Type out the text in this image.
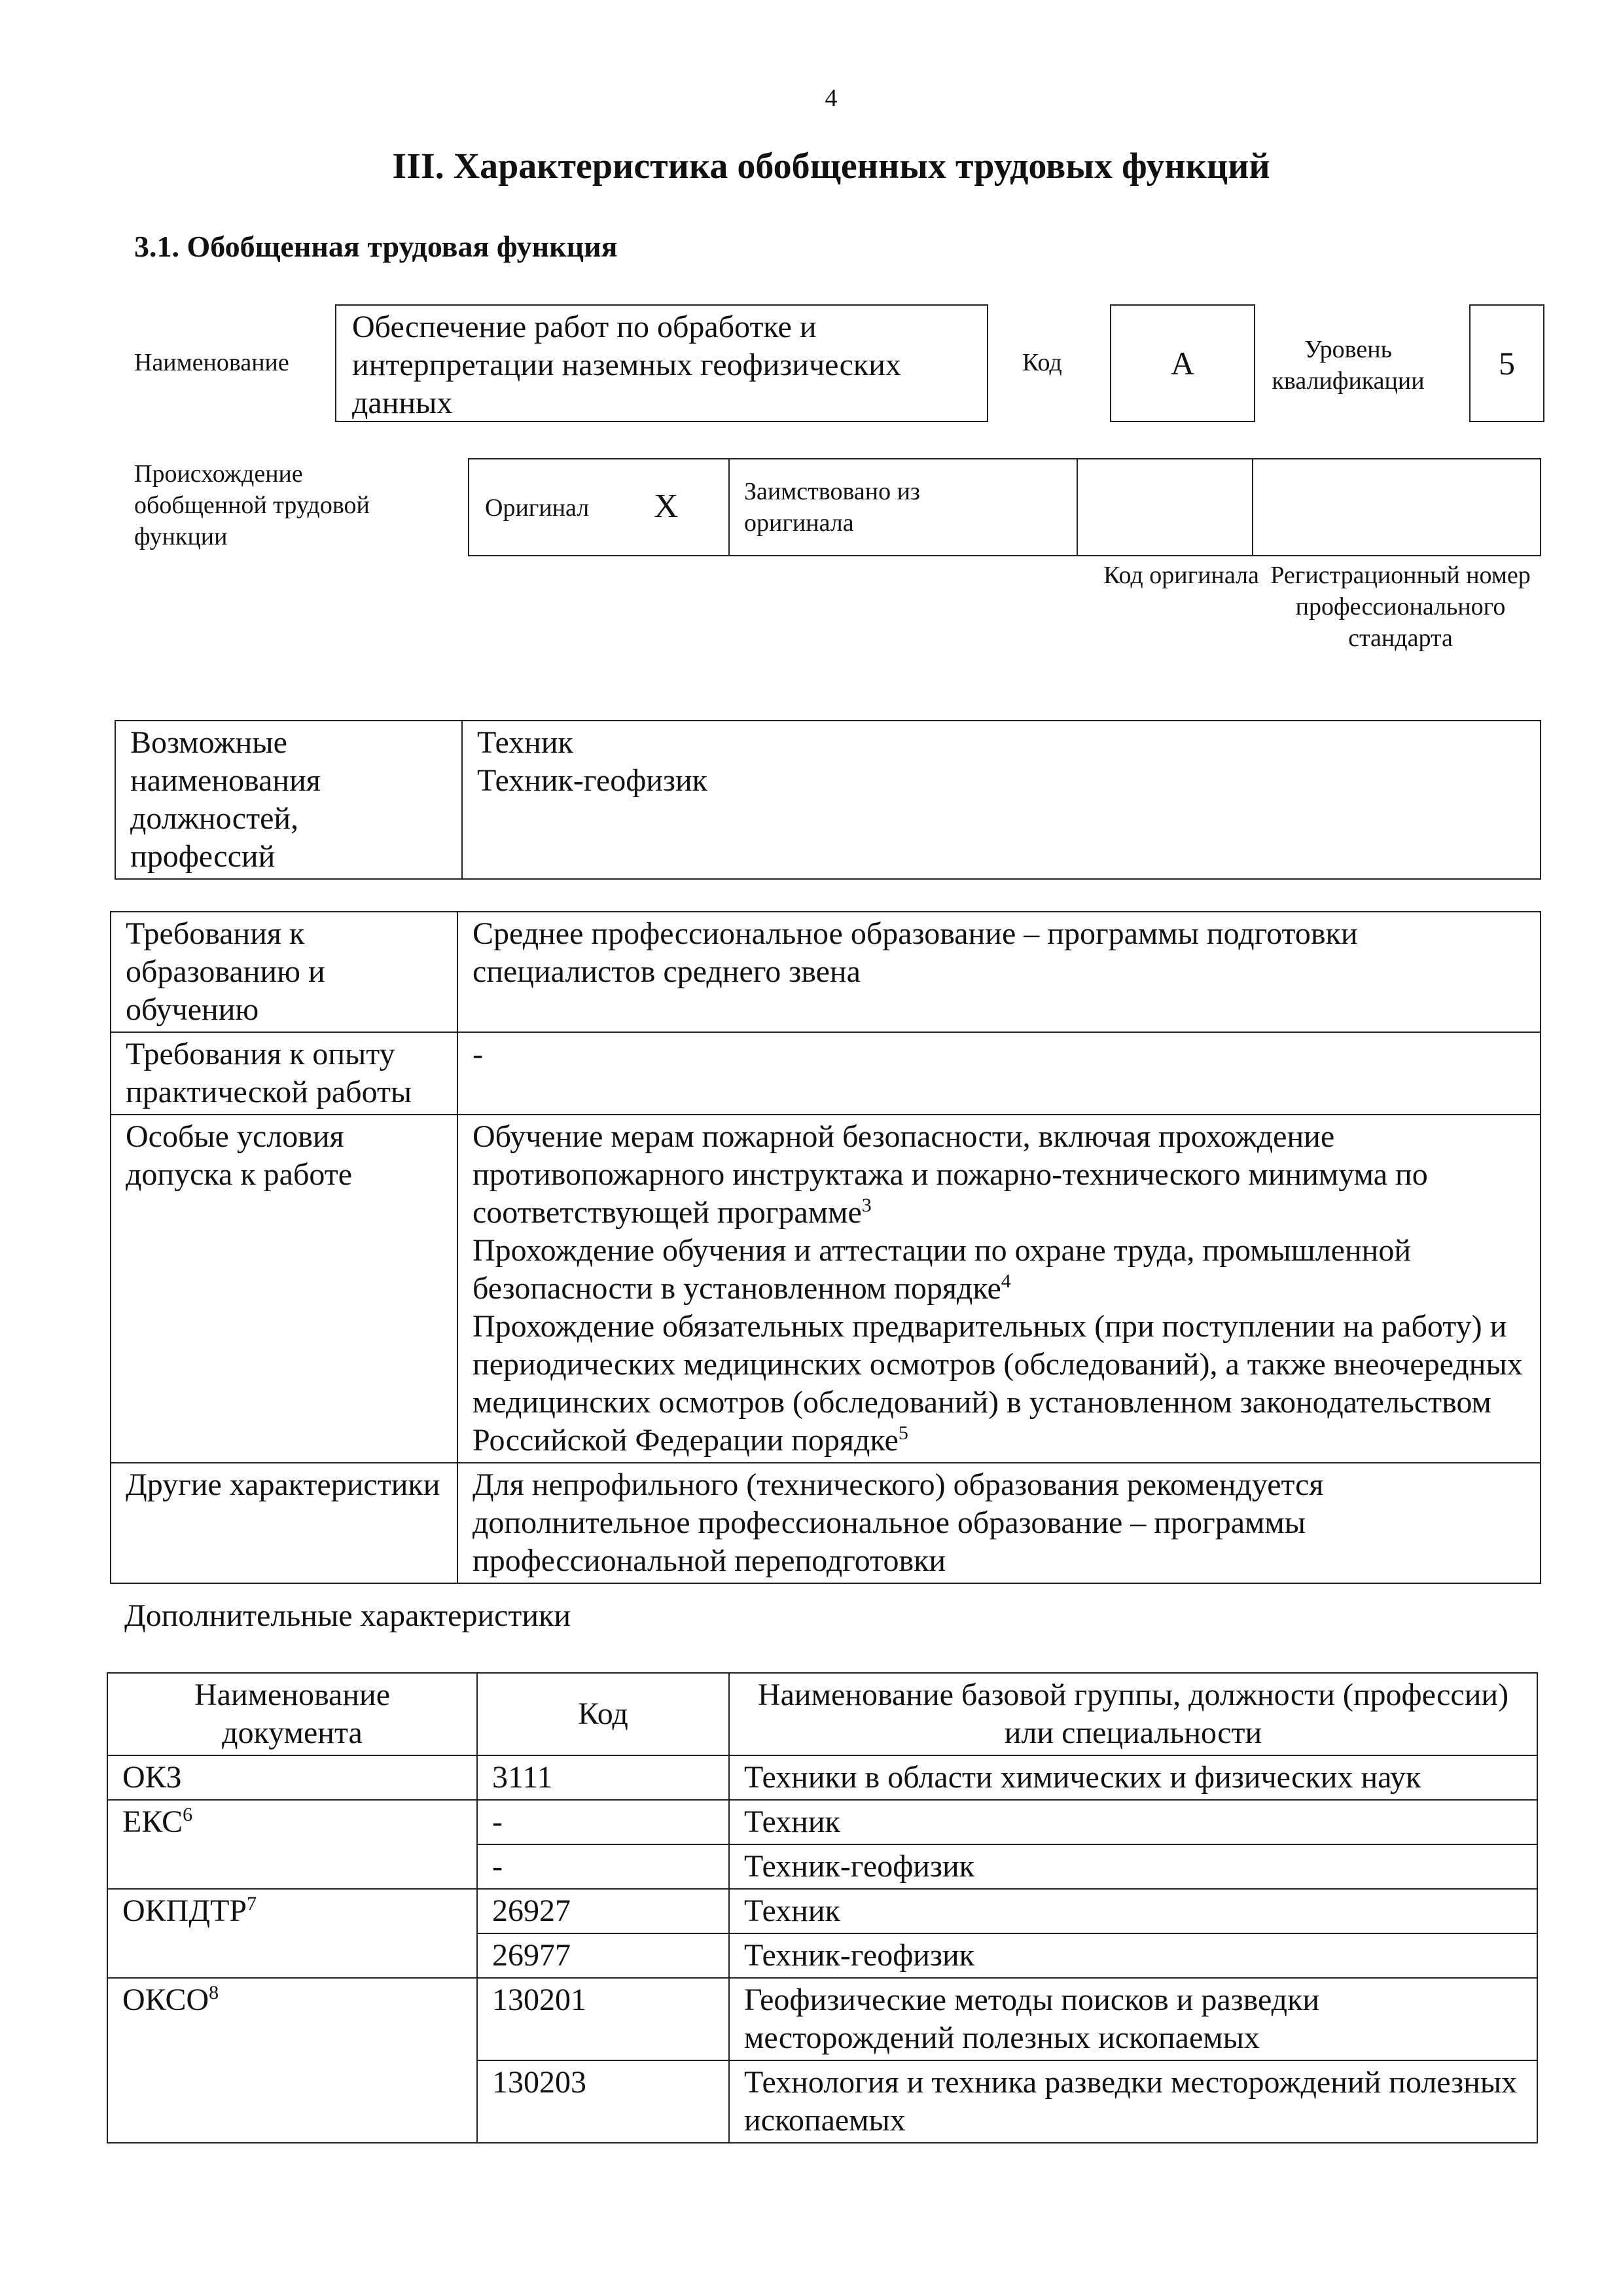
4
III. Характеристика обобщенных трудовых функций
3.1. Обобщенная трудовая функция
Наименование
Обеспечение работ по обработке и интерпретации наземных геофизических данных
Код	А	Уровень квалификации 5
Происхождение обобщенной трудовой функции
Оригинал X	Заимствовано из оригинала
Код оригинала Регистрационный номер профессионального стандарта
Возможные наименования должностей, профессий	
Техник
Техник-геофизик
Требования к образованию и обучению	Среднее профессиональное образование – программы подготовки специалистов среднего звена
Требования к опыту практической работы	-
Особые условия допуска к работе	Обучение мерам пожарной безопасности, включая прохождение противопожарного инструктажа и пожарно-технического минимума по соответствующей программе$^3$
Прохождение обучения и аттестации по охране труда, промышленной безопасности в установленном порядке$^4$
Прохождение обязательных предварительных (при поступлении на работу) и периодических медицинских осмотров (обследований), а также внеочередных медицинских осмотров (обследований) в установленном законодательством Российской Федерации порядке$^5$

Другие характеристики	Для непрофильного (технического) образования рекомендуется дополнительное профессиональное образование – программы профессиональной переподготовки
Дополнительные характеристики
Наименование документа	Код	Наименование базовой группы, должности (профессии) или специальности
ОКЗ	3111	Техники в области химических и физических наук
ЕКС$^6$	-	Техник
	-	Техник-геофизик
ОКПДТР$^7$	26927	Техник
	26977	Техник-геофизик
ОКСО$^8$	130201	Геофизические методы поисков и разведки месторождений полезных ископаемых
	130203	Технология и техника разведки месторождений полезных ископаемых
